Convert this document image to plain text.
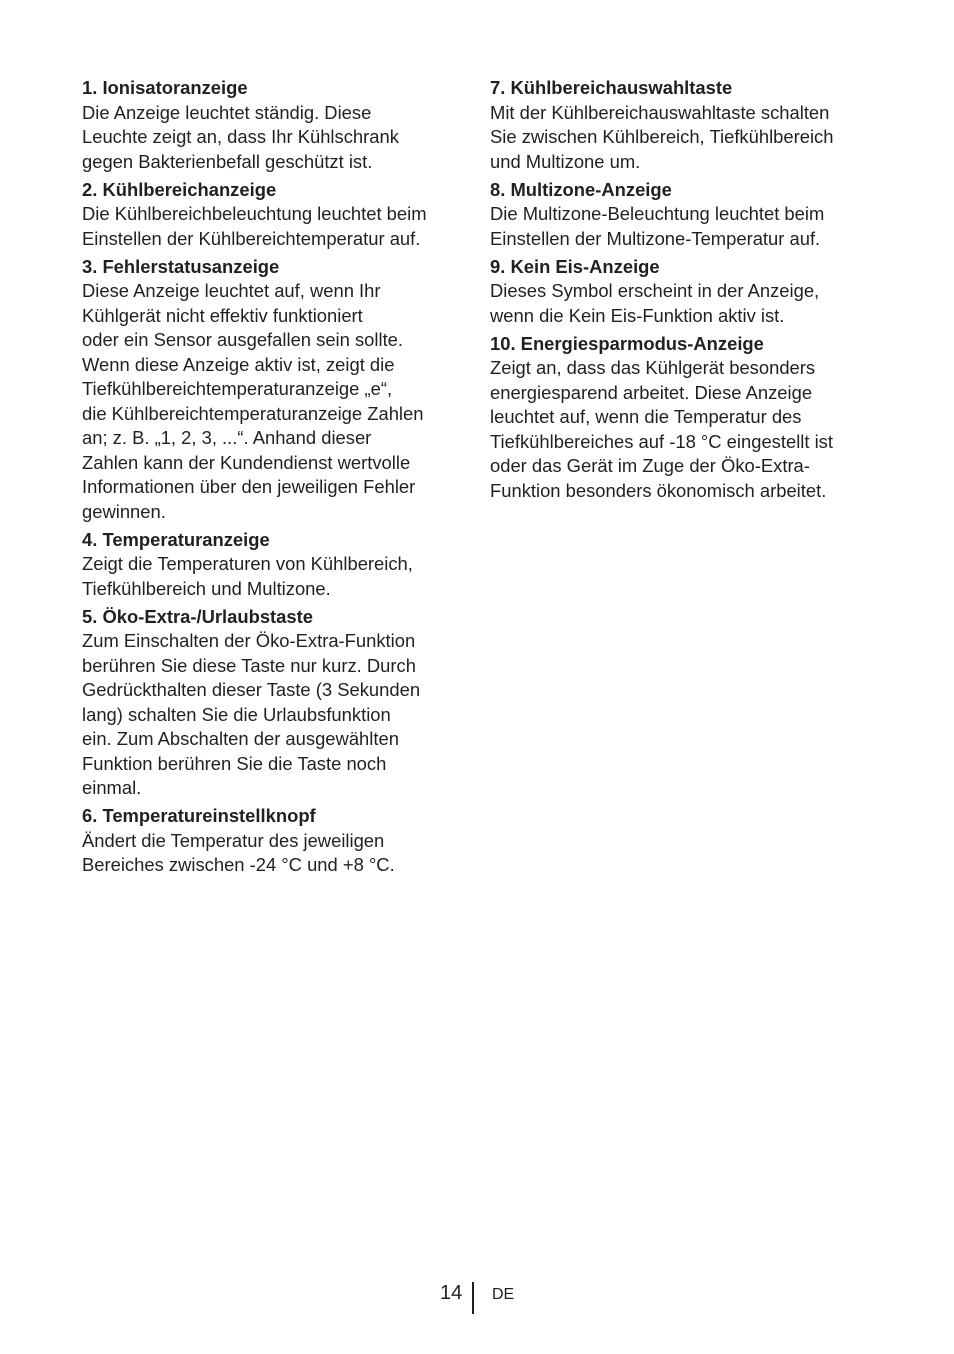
1. Ionisatoranzeige
Die Anzeige leuchtet ständig. Diese
Leuchte zeigt an, dass Ihr Kühlschrank
gegen Bakterienbefall geschützt ist.
2. Kühlbereichanzeige
Die Kühlbereichbeleuchtung leuchtet beim
Einstellen der Kühlbereichtemperatur auf.
3. Fehlerstatusanzeige
Diese Anzeige leuchtet auf, wenn Ihr
Kühlgerät nicht effektiv funktioniert
oder ein Sensor ausgefallen sein sollte.
Wenn diese Anzeige aktiv ist, zeigt die
Tiefkühlbereichtemperaturanzeige „e“,
die Kühlbereichtemperaturanzeige Zahlen
an; z. B. „1, 2, 3, ...“. Anhand dieser
Zahlen kann der Kundendienst wertvolle
Informationen über den jeweiligen Fehler
gewinnen.
4. Temperaturanzeige
Zeigt die Temperaturen von Kühlbereich,
Tiefkühlbereich und Multizone.
5. Öko-Extra-/Urlaubstaste
Zum Einschalten der Öko-Extra-Funktion
berühren Sie diese Taste nur kurz. Durch
Gedrückthalten dieser Taste (3 Sekunden
lang) schalten Sie die Urlaubsfunktion
ein. Zum Abschalten der ausgewählten
Funktion berühren Sie die Taste noch
einmal.
6. Temperatureinstellknopf
Ändert die Temperatur des jeweiligen
Bereiches zwischen -24 °C und +8 °C.
7. Kühlbereichauswahltaste
Mit der Kühlbereichauswahltaste schalten
Sie zwischen Kühlbereich, Tiefkühlbereich
und Multizone um.
8. Multizone-Anzeige
Die Multizone-Beleuchtung leuchtet beim
Einstellen der Multizone-Temperatur auf.
9. Kein Eis-Anzeige
Dieses Symbol erscheint in der Anzeige,
wenn die Kein Eis-Funktion aktiv ist.
10. Energiesparmodus-Anzeige
Zeigt an, dass das Kühlgerät besonders
energiesparend arbeitet. Diese Anzeige
leuchtet auf, wenn die Temperatur des
Tiefkühlbereiches auf -18 °C eingestellt ist
oder das Gerät im Zuge der Öko-Extra-
Funktion besonders ökonomisch arbeitet.
14 DE
